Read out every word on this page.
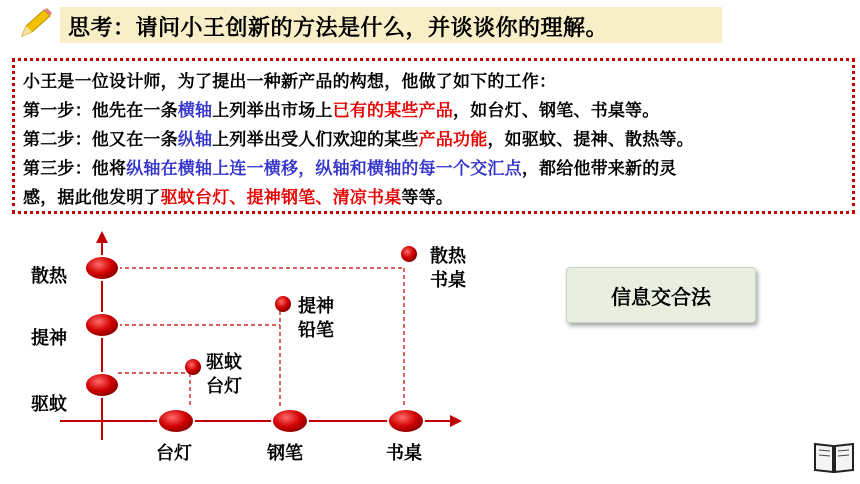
思考：请问小王创新的方法是什么，并谈谈你的理解。
小王是一位设计师，为了提出一种新产品的构想，他做了如下的工作：
第一步：他先在一条横轴上列举出市场上已有的某些产品，如台灯、钢笔、书桌等。
第二步：他又在一条纵轴上列举出受人们欢迎的某些产品功能，如驱蚊、提神、散热等。
第三步：他将纵轴在横轴上连一横移，纵轴和横轴的每一个交汇点，都给他带来新的灵
感，据此他发明了驱蚊台灯、提神钢笔、清凉书桌等等。
散热
提神
驱蚊
台灯	钢笔	书桌
驱蚊
台灯
提神
铅笔
散热
书桌
信息交合法
